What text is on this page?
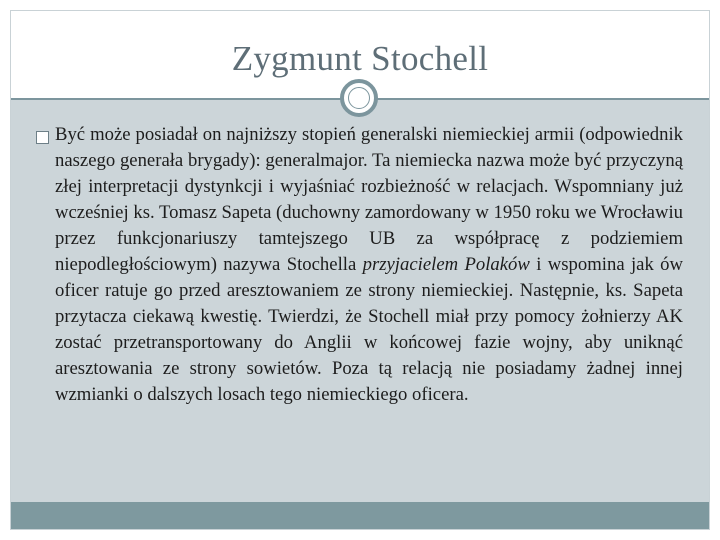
Zygmunt Stochell

Być może posiadał on najniższy stopień generalski niemieckiej armii (odpowiednik naszego generała brygady): generalmajor. Ta niemiecka nazwa może być przyczyną złej interpretacji dystynkcji i wyjaśniać rozbieżność w relacjach. Wspomniany już wcześniej ks. Tomasz Sapeta (duchowny zamordowany w 1950 roku we Wrocławiu przez funkcjonariuszy tamtejszego UB za współpracę z podziemiem niepodległościowym) nazywa Stochella przyjacielem Polaków i wspomina jak ów oficer ratuje go przed aresztowaniem ze strony niemieckiej. Następnie, ks. Sapeta przytacza ciekawą kwestię. Twierdzi, że Stochell miał przy pomocy żołnierzy AK zostać przetransportowany do Anglii w końcowej fazie wojny, aby uniknąć aresztowania ze strony sowietów. Poza tą relacją nie posiadamy żadnej innej wzmianki o dalszych losach tego niemieckiego oficera.
